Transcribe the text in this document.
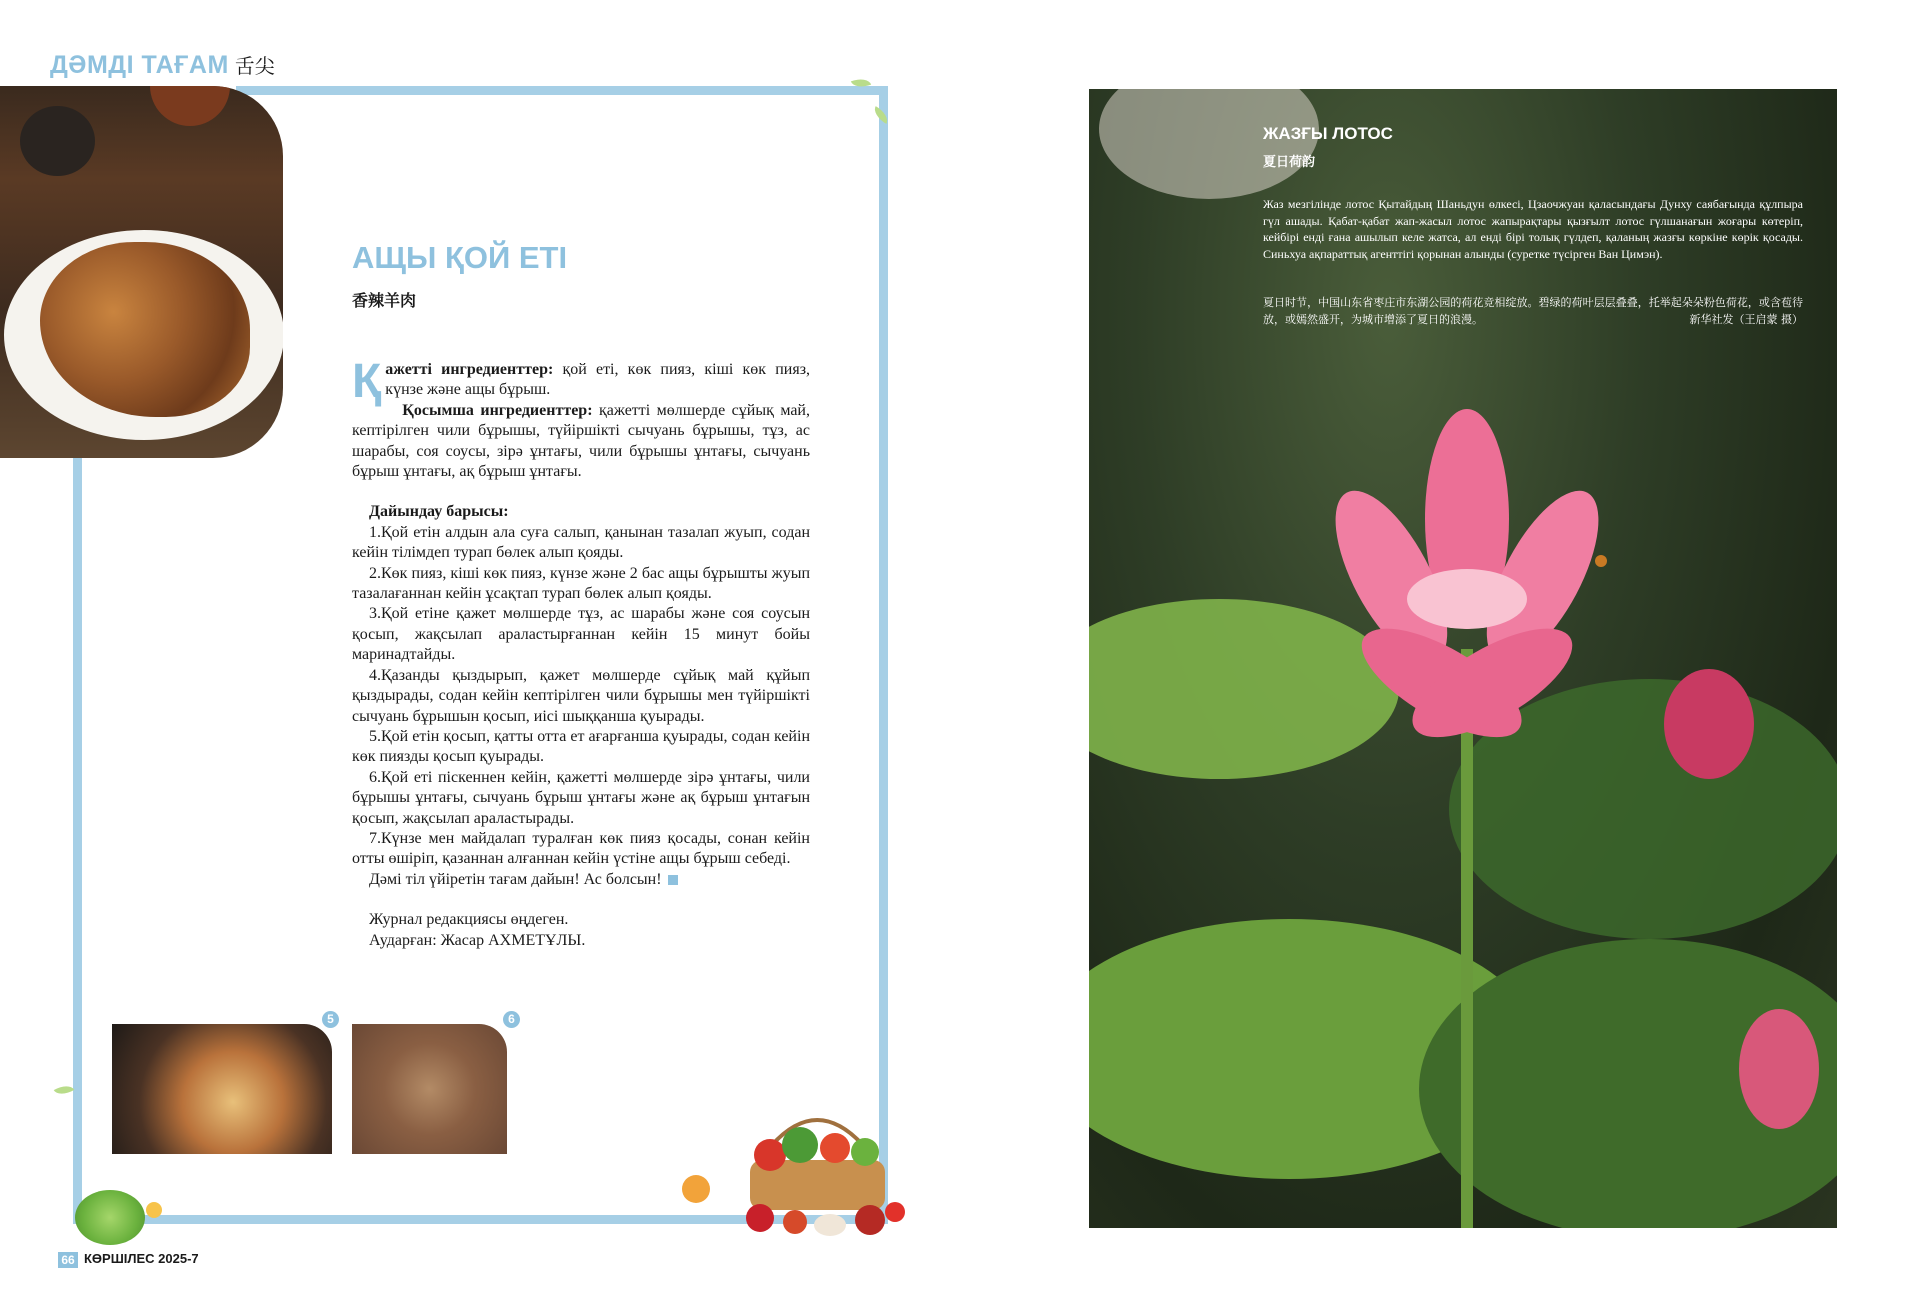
ДӘМДІ ТАҒАМ 舌尖
АЩЫ ҚОЙ ЕТІ
香辣羊肉

Қажетті ингредиенттер: қой еті, көк пияз, кіші көк пияз, күнзе және ащы бұрыш.

Қосымша ингредиенттер: қажетті мөлшерде сұйық май, кептірілген чили бұрышы, түйіршікті сычуань бұрышы, тұз, ас шарабы, соя соусы, зірә ұнтағы, чили бұрышы ұнтағы, сычуань бұрыш ұнтағы, ақ бұрыш ұнтағы.

Дайындау барысы:

1.Қой етін алдын ала суға салып, қанынан тазалап жуып, содан кейін тілімдеп турап бөлек алып қояды.

2.Көк пияз, кіші көк пияз, күнзе және 2 бас ащы бұрышты жуып тазалағаннан кейін ұсақтап турап бөлек алып қояды.

3.Қой етіне қажет мөлшерде тұз, ас шарабы және соя соусын қосып, жақсылап араластырғаннан кейін 15 минут бойы маринадтайды.

4.Қазанды қыздырып, қажет мөлшерде сұйық май құйып қыздырады, содан кейін кептірілген чили бұрышы мен түйіршікті сычуань бұрышын қосып, иісі шыққанша қуырады.

5.Қой етін қосып, қатты отта ет ағарғанша қуырады, содан кейін көк пиязды қосып қуырады.

6.Қой еті піскеннен кейін, қажетті мөлшерде зірә ұнтағы, чили бұрышы ұнтағы, сычуань бұрыш ұнтағы және ақ бұрыш ұнтағын қосып, жақсылап араластырады.

7.Күнзе мен майдалап туралған көк пияз қосады, сонан кейін отты өшіріп, қазаннан алғаннан кейін үстіне ащы бұрыш себеді.

Дәмі тіл үйіретін тағам дайын! Ас болсын!

Журнал редакциясы өңдеген.

Аударған: Жасар АХМЕТҰЛЫ.

5	6
66 КӨРШІЛЕС 2025-7
ЖАЗҒЫ ЛОТОС
夏日荷韵
Жаз мезгілінде лотос Қытайдың Шаньдун өлкесі, Цзаочжуан қаласындағы Дунху саябағында құлпыра гүл ашады. Қабат-қабат жап-жасыл лотос жапырақтары қызғылт лотос гүлшанағын жоғары көтеріп, кейбірі енді ғана ашылып келе жатса, ал енді бірі толық гүлдеп, қаланың жазғы көркіне көрік қосады. Синьхуа ақпараттық агенттігі қорынан алынды (суретке түсірген Ван Цимэн).
夏日时节，中国山东省枣庄市东湖公园的荷花竞相绽放。碧绿的荷叶层层叠叠，托举起朵朵粉色荷花，或含苞待放，或嫣然盛开，为城市增添了夏日的浪漫。	新华社发（王启蒙 摄）
